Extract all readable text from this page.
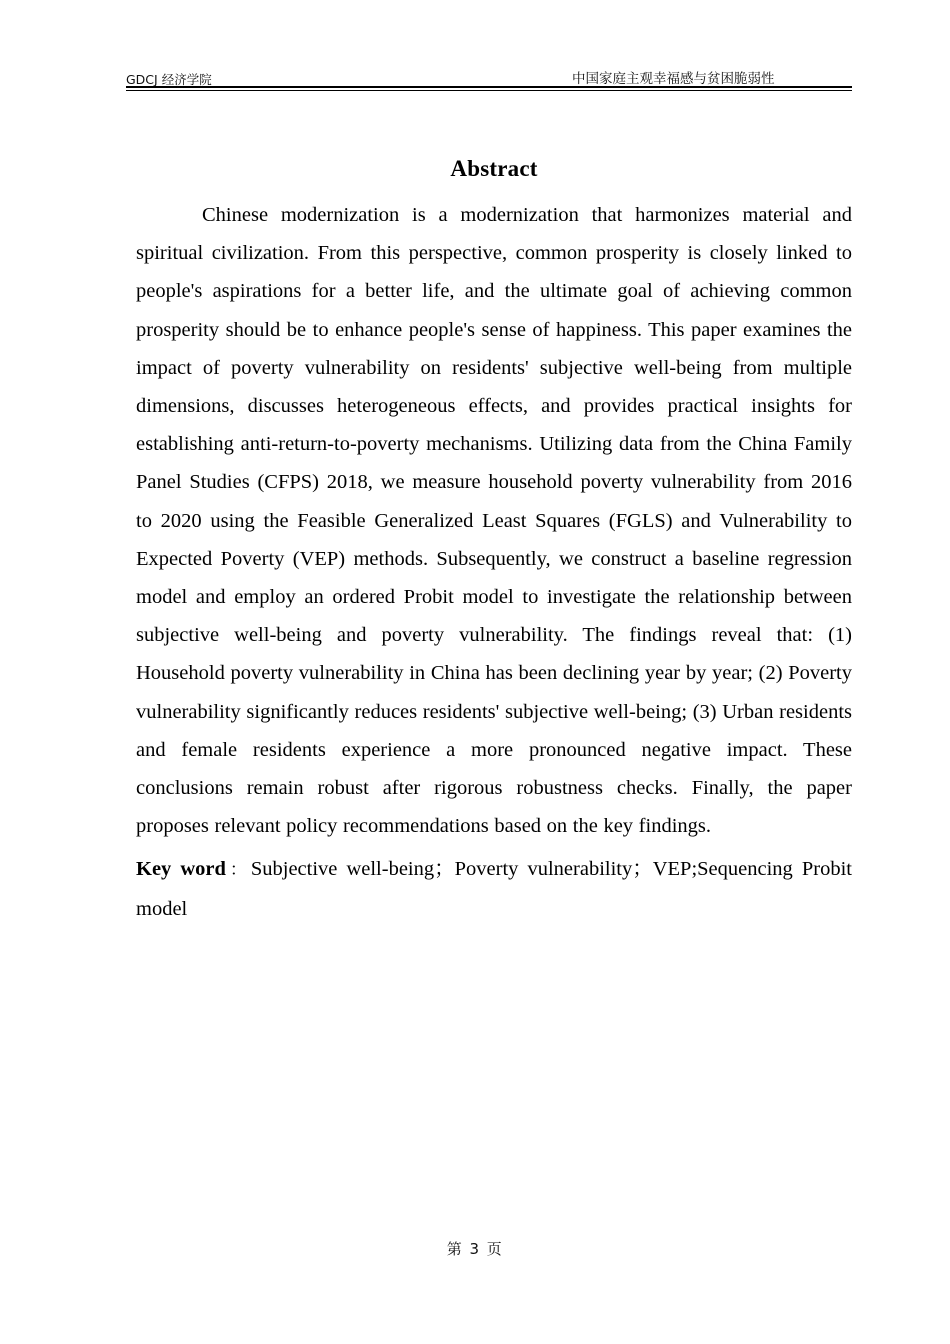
GDCJ 经济学院	中国家庭主观幸福感与贫困脆弱性
Abstract

Chinese modernization is a modernization that harmonizes material and spiritual civilization. From this perspective, common prosperity is closely linked to people's aspirations for a better life, and the ultimate goal of achieving common prosperity should be to enhance people's sense of happiness. This paper examines the impact of poverty vulnerability on residents' subjective well-being from multiple dimensions, discusses heterogeneous effects, and provides practical insights for establishing anti-return-to-poverty mechanisms. Utilizing data from the China Family Panel Studies (CFPS) 2018, we measure household poverty vulnerability from 2016 to 2020 using the Feasible Generalized Least Squares (FGLS) and Vulnerability to Expected Poverty (VEP) methods. Subsequently, we construct a baseline regression model and employ an ordered Probit model to investigate the relationship between subjective well-being and poverty vulnerability. The findings reveal that: (1) Household poverty vulnerability in China has been declining year by year; (2) Poverty vulnerability significantly reduces residents' subjective well-being; (3) Urban residents and female residents experience a more pronounced negative impact. These conclusions remain robust after rigorous robustness checks. Finally, the paper proposes relevant policy recommendations based on the key findings.

Key word：Subjective well-being；Poverty vulnerability；VEP;Sequencing Probit model

第 3 页
